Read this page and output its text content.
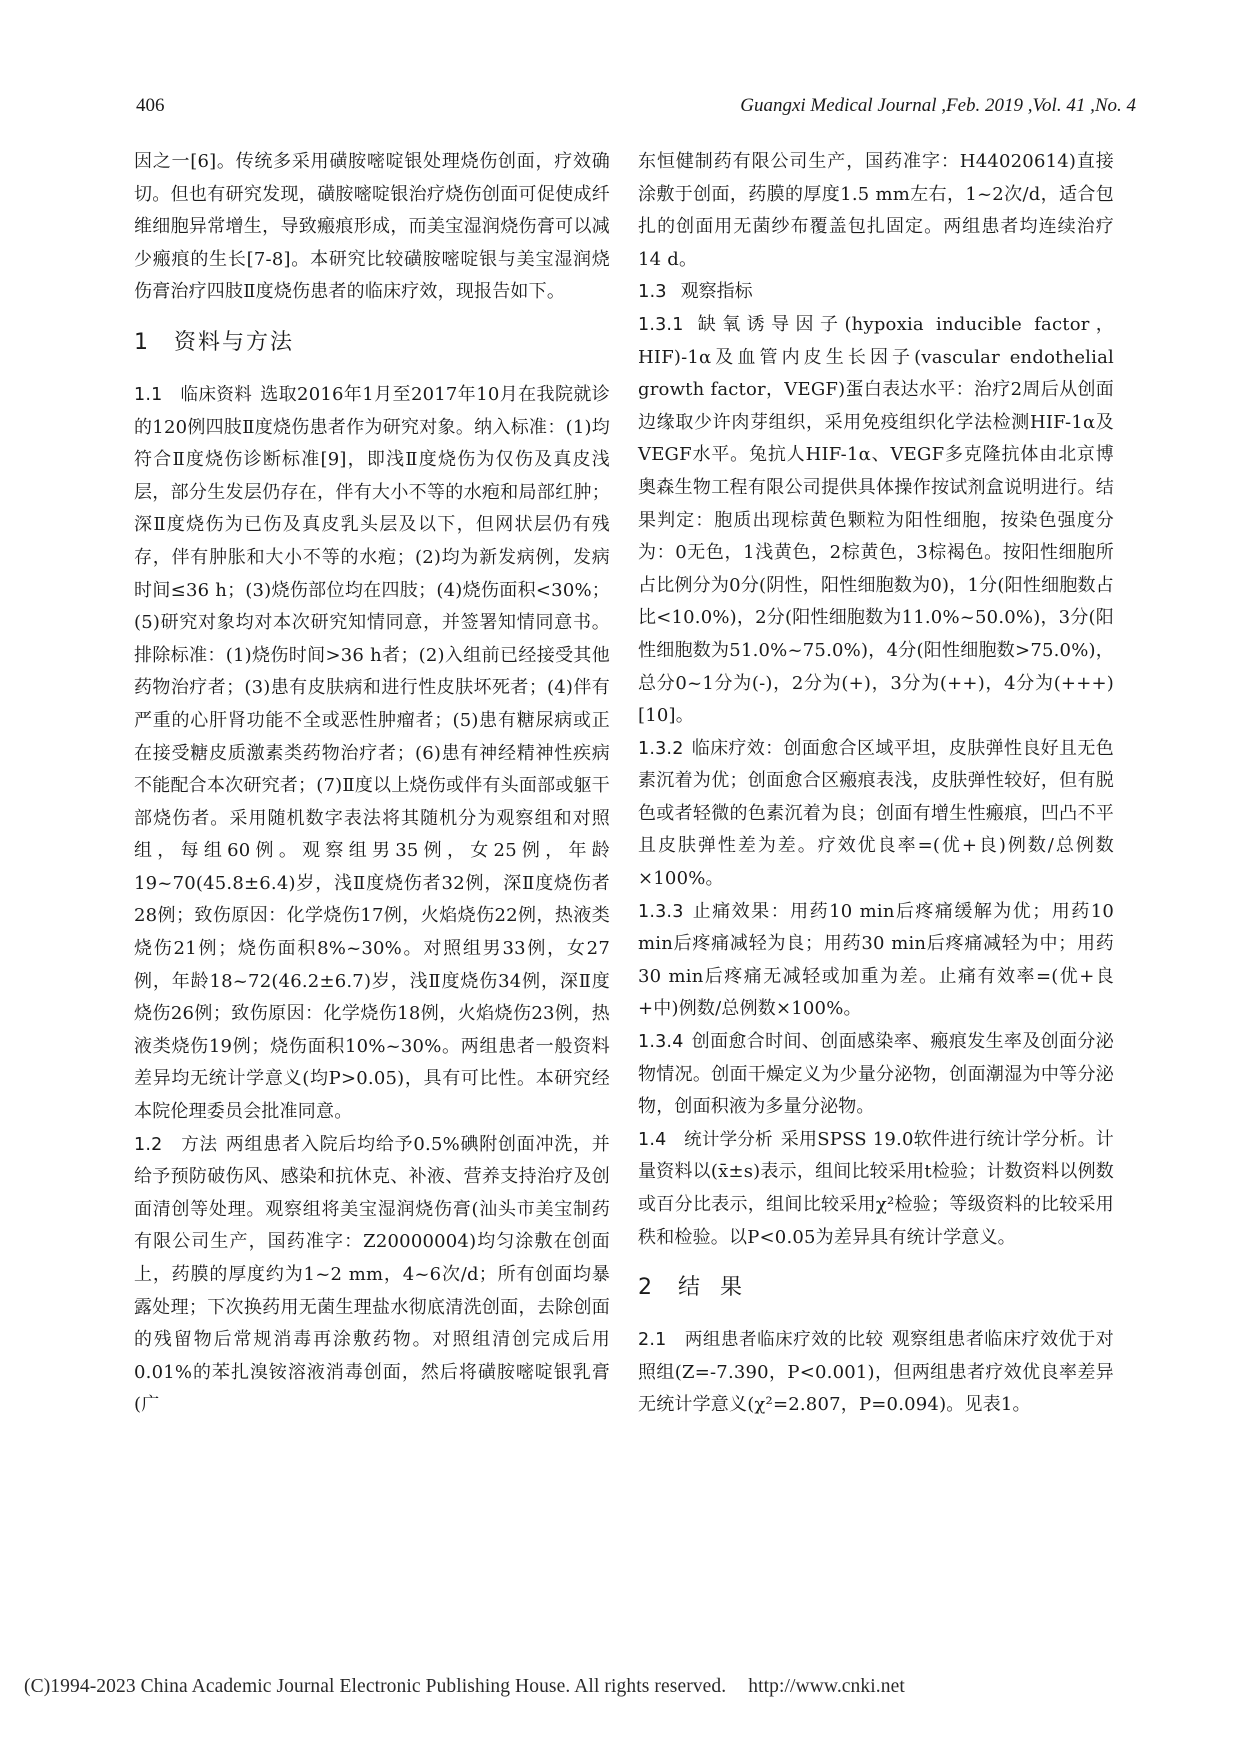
406	Guangxi Medical Journal ,Feb. 2019 ,Vol. 41 ,No. 4

因之一[6]。传统多采用磺胺嘧啶银处理烧伤创面，疗效确切。但也有研究发现，磺胺嘧啶银治疗烧伤创面可促使成纤维细胞异常增生，导致瘢痕形成，而美宝湿润烧伤膏可以减少瘢痕的生长[7-8]。本研究比较磺胺嘧啶银与美宝湿润烧伤膏治疗四肢Ⅱ度烧伤患者的临床疗效，现报告如下。

1 资料与方法

1.1　临床资料 选取2016年1月至2017年10月在我院就诊的120例四肢Ⅱ度烧伤患者作为研究对象。纳入标准：(1)均符合Ⅱ度烧伤诊断标准[9]，即浅Ⅱ度烧伤为仅伤及真皮浅层，部分生发层仍存在，伴有大小不等的水疱和局部红肿；深Ⅱ度烧伤为已伤及真皮乳头层及以下，但网状层仍有残存，伴有肿胀和大小不等的水疱；(2)均为新发病例，发病时间≤36 h；(3)烧伤部位均在四肢；(4)烧伤面积<30%；(5)研究对象均对本次研究知情同意，并签署知情同意书。排除标准：(1)烧伤时间>36 h者；(2)入组前已经接受其他药物治疗者；(3)患有皮肤病和进行性皮肤坏死者；(4)伴有严重的心肝肾功能不全或恶性肿瘤者；(5)患有糖尿病或正在接受糖皮质激素类药物治疗者；(6)患有神经精神性疾病不能配合本次研究者；(7)Ⅱ度以上烧伤或伴有头面部或躯干部烧伤者。采用随机数字表法将其随机分为观察组和对照组，每组60例。观察组男35例，女25例，年龄19~70(45.8±6.4)岁，浅Ⅱ度烧伤者32例，深Ⅱ度烧伤者28例；致伤原因：化学烧伤17例，火焰烧伤22例，热液类烧伤21例；烧伤面积8%~30%。对照组男33例，女27例，年龄18~72(46.2±6.7)岁，浅Ⅱ度烧伤34例，深Ⅱ度烧伤26例；致伤原因：化学烧伤18例，火焰烧伤23例，热液类烧伤19例；烧伤面积10%~30%。两组患者一般资料差异均无统计学意义(均P>0.05)，具有可比性。本研究经本院伦理委员会批准同意。

1.2　方法 两组患者入院后均给予0.5%碘附创面冲洗，并给予预防破伤风、感染和抗休克、补液、营养支持治疗及创面清创等处理。观察组将美宝湿润烧伤膏(汕头市美宝制药有限公司生产，国药准字：Z20000004)均匀涂敷在创面上，药膜的厚度约为1~2 mm，4~6次/d；所有创面均暴露处理；下次换药用无菌生理盐水彻底清洗创面，去除创面的残留物后常规消毒再涂敷药物。对照组清创完成后用0.01%的苯扎溴铵溶液消毒创面，然后将磺胺嘧啶银乳膏(广

东恒健制药有限公司生产，国药准字：H44020614)直接涂敷于创面，药膜的厚度1.5 mm左右，1~2次/d，适合包扎的创面用无菌纱布覆盖包扎固定。两组患者均连续治疗14 d。

1.3 观察指标

1.3.1 缺氧诱导因子(hypoxia inducible factor，HIF)-1α及血管内皮生长因子(vascular endothelial growth factor，VEGF)蛋白表达水平：治疗2周后从创面边缘取少许肉芽组织，采用免疫组织化学法检测HIF-1α及VEGF水平。兔抗人HIF-1α、VEGF多克隆抗体由北京博奥森生物工程有限公司提供具体操作按试剂盒说明进行。结果判定：胞质出现棕黄色颗粒为阳性细胞，按染色强度分为：0无色，1浅黄色，2棕黄色，3棕褐色。按阳性细胞所占比例分为0分(阴性，阳性细胞数为0)，1分(阳性细胞数占比<10.0%)，2分(阳性细胞数为11.0%~50.0%)，3分(阳性细胞数为51.0%~75.0%)，4分(阳性细胞数>75.0%)，总分0~1分为(-)，2分为(+)，3分为(++)，4分为(+++)[10]。

1.3.2 临床疗效：创面愈合区域平坦，皮肤弹性良好且无色素沉着为优；创面愈合区瘢痕表浅，皮肤弹性较好，但有脱色或者轻微的色素沉着为良；创面有增生性瘢痕，凹凸不平且皮肤弹性差为差。疗效优良率=(优+良)例数/总例数×100%。

1.3.3 止痛效果：用药10 min后疼痛缓解为优；用药10 min后疼痛减轻为良；用药30 min后疼痛减轻为中；用药30 min后疼痛无减轻或加重为差。止痛有效率=(优+良+中)例数/总例数×100%。

1.3.4 创面愈合时间、创面感染率、瘢痕发生率及创面分泌物情况。创面干燥定义为少量分泌物，创面潮湿为中等分泌物，创面积液为多量分泌物。

1.4　统计学分析 采用SPSS 19.0软件进行统计学分析。计量资料以(x̄±s)表示，组间比较采用t检验；计数资料以例数或百分比表示，组间比较采用χ²检验；等级资料的比较采用秩和检验。以P<0.05为差异具有统计学意义。

2 结果

2.1　两组患者临床疗效的比较 观察组患者临床疗效优于对照组(Z=-7.390，P<0.001)，但两组患者疗效优良率差异无统计学意义(χ²=2.807，P=0.094)。见表1。

(C)1994-2023 China Academic Journal Electronic Publishing House. All rights reserved. http://www.cnki.net
